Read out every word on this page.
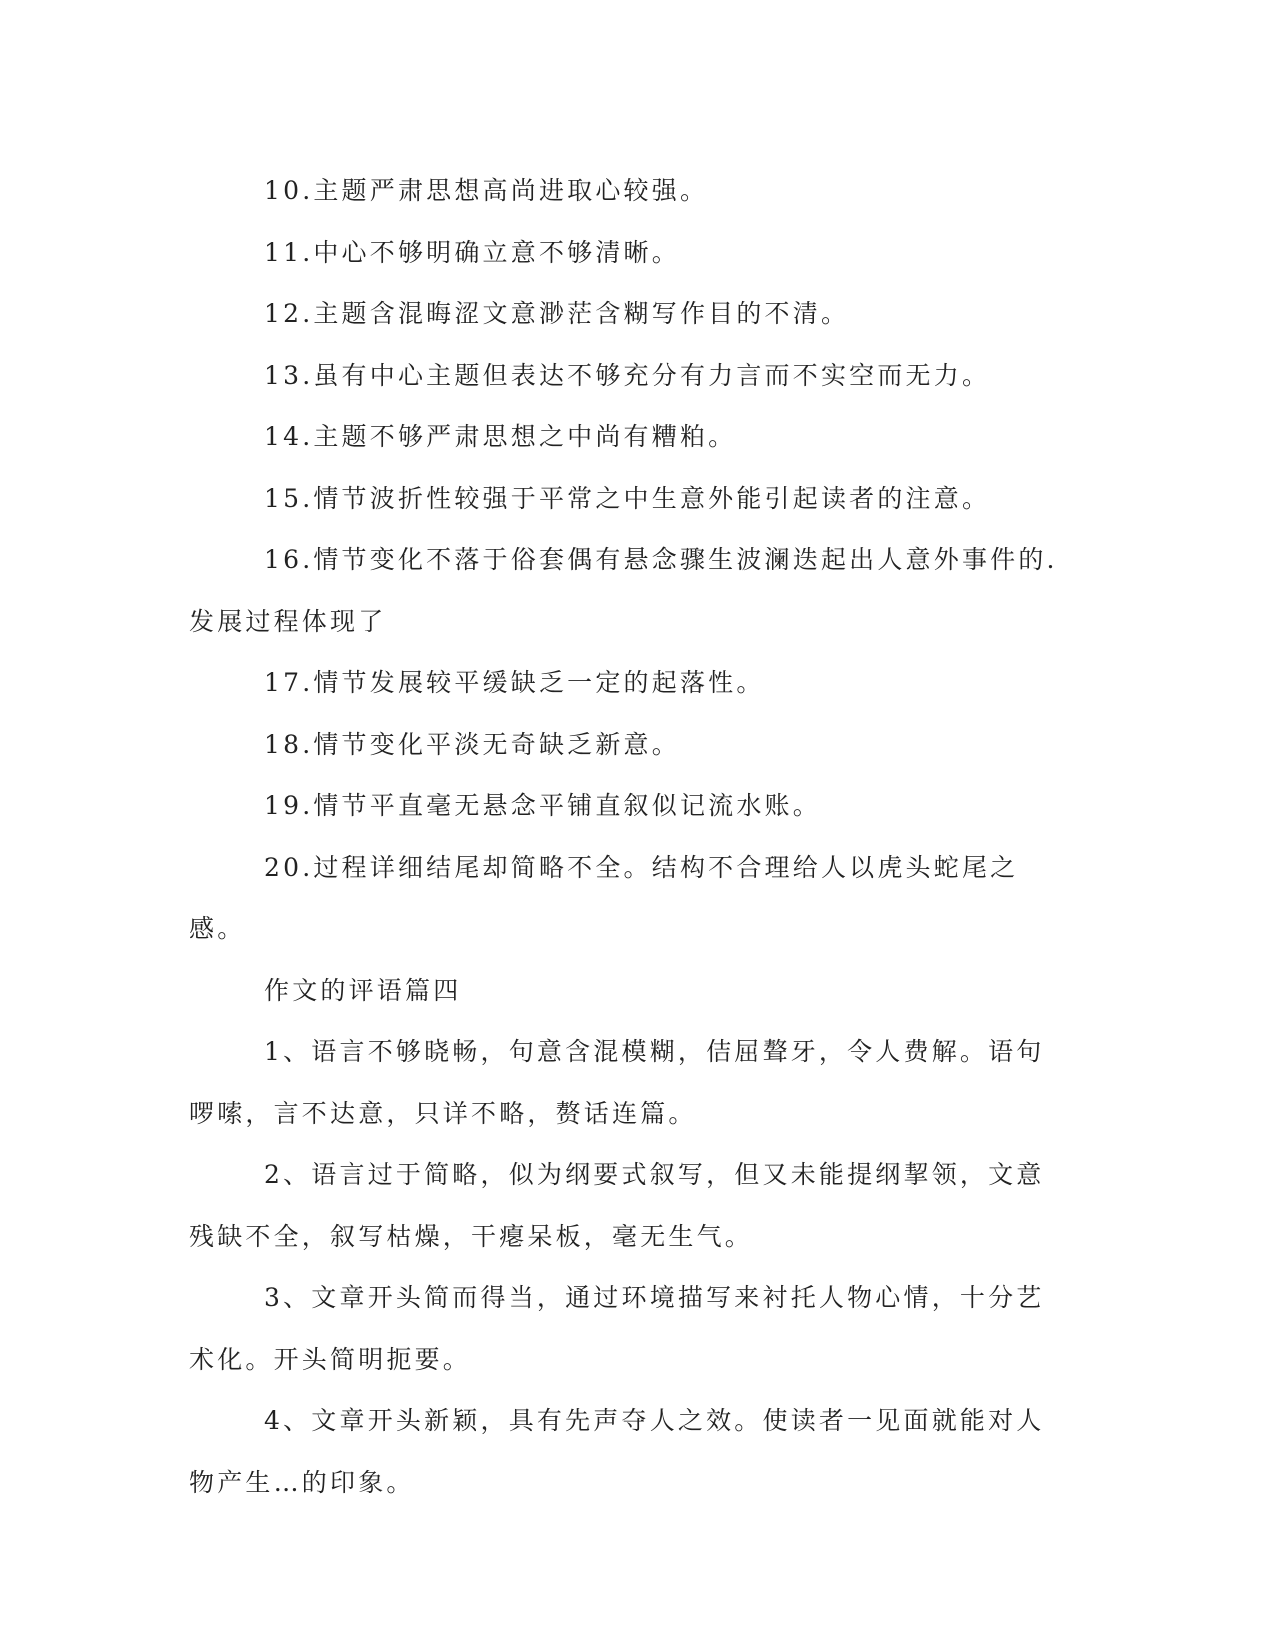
10.主题严肃思想高尚进取心较强。

11.中心不够明确立意不够清晰。

12.主题含混晦涩文意渺茫含糊写作目的不清。

13.虽有中心主题但表达不够充分有力言而不实空而无力。

14.主题不够严肃思想之中尚有糟粕。

15.情节波折性较强于平常之中生意外能引起读者的注意。

16.情节变化不落于俗套偶有悬念骤生波澜迭起出人意外事件的.发展过程体现了

17.情节发展较平缓缺乏一定的起落性。

18.情节变化平淡无奇缺乏新意。

19.情节平直毫无悬念平铺直叙似记流水账。

20.过程详细结尾却简略不全。结构不合理给人以虎头蛇尾之感。

作文的评语篇四

1、语言不够晓畅，句意含混模糊，佶屈聱牙，令人费解。语句啰嗦，言不达意，只详不略，赘话连篇。

2、语言过于简略，似为纲要式叙写，但又未能提纲挈领，文意残缺不全，叙写枯燥，干瘪呆板，毫无生气。

3、文章开头简而得当，通过环境描写来衬托人物心情，十分艺术化。开头简明扼要。

4、文章开头新颖，具有先声夺人之效。使读者一见面就能对人物产生…的印象。
